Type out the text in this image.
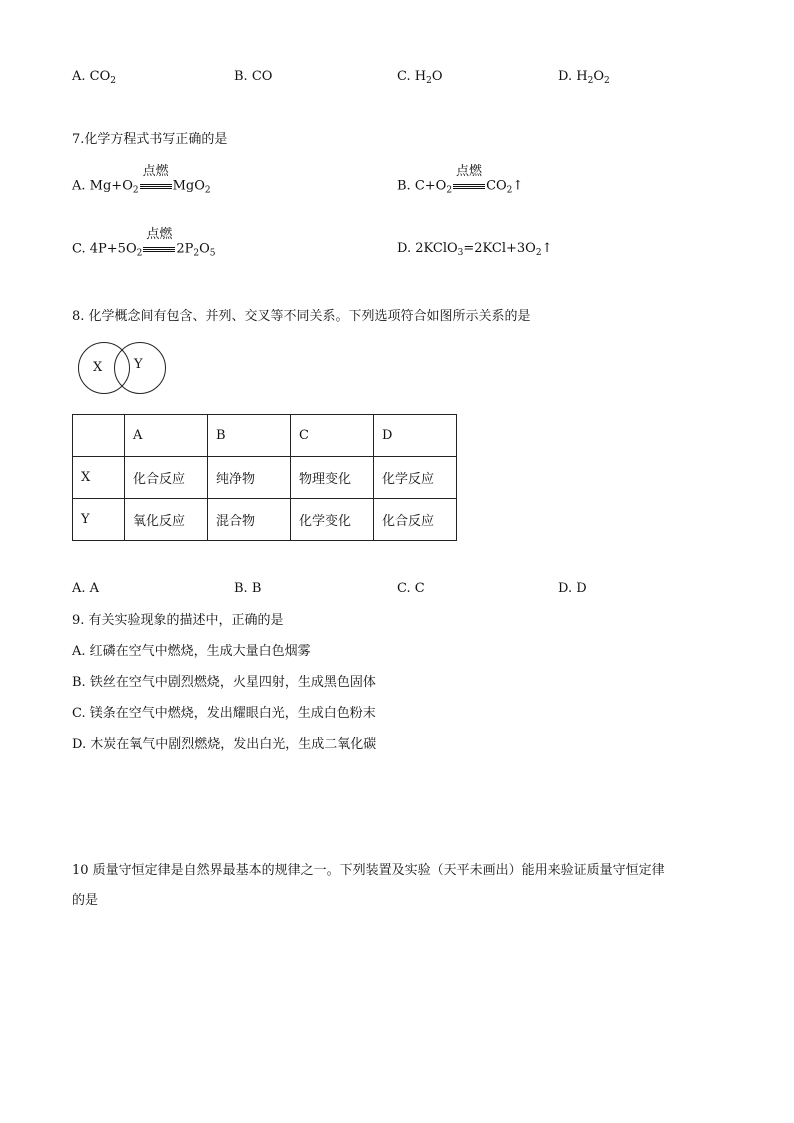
A. $CO_2$	B. CO	C. $H_2O$	D. $H_2O_2$
7.化学方程式书写正确的是
A. $Mg+O_2$
点燃
MgO$_2$	B. $C+O_2$
点燃
$CO_2↑$
C. $4P+5O_2$
点燃
$2P_2O_5$	D. $2KClO_3=2KCl+3O_2↑$
8. 化学概念间有包含、并列、交叉等不同关系。下列选项符合如图所示关系的是
X Y
	A	B	C	D
X	化合反应	纯净物	物理变化	化学反应
Y	氧化反应	混合物	化学变化	化合反应
A. A	B. B	C. C	D. D
9. 有关实验现象的描述中，正确的是
A. 红磷在空气中燃烧，生成大量白色烟雾
B. 铁丝在空气中剧烈燃烧，火星四射，生成黑色固体
C. 镁条在空气中燃烧，发出耀眼白光，生成白色粉末
D. 木炭在氧气中剧烈燃烧，发出白光，生成二氧化碳
10 质量守恒定律是自然界最基本的规律之一。下列装置及实验（天平未画出）能用来验证质量守恒定律
的是
